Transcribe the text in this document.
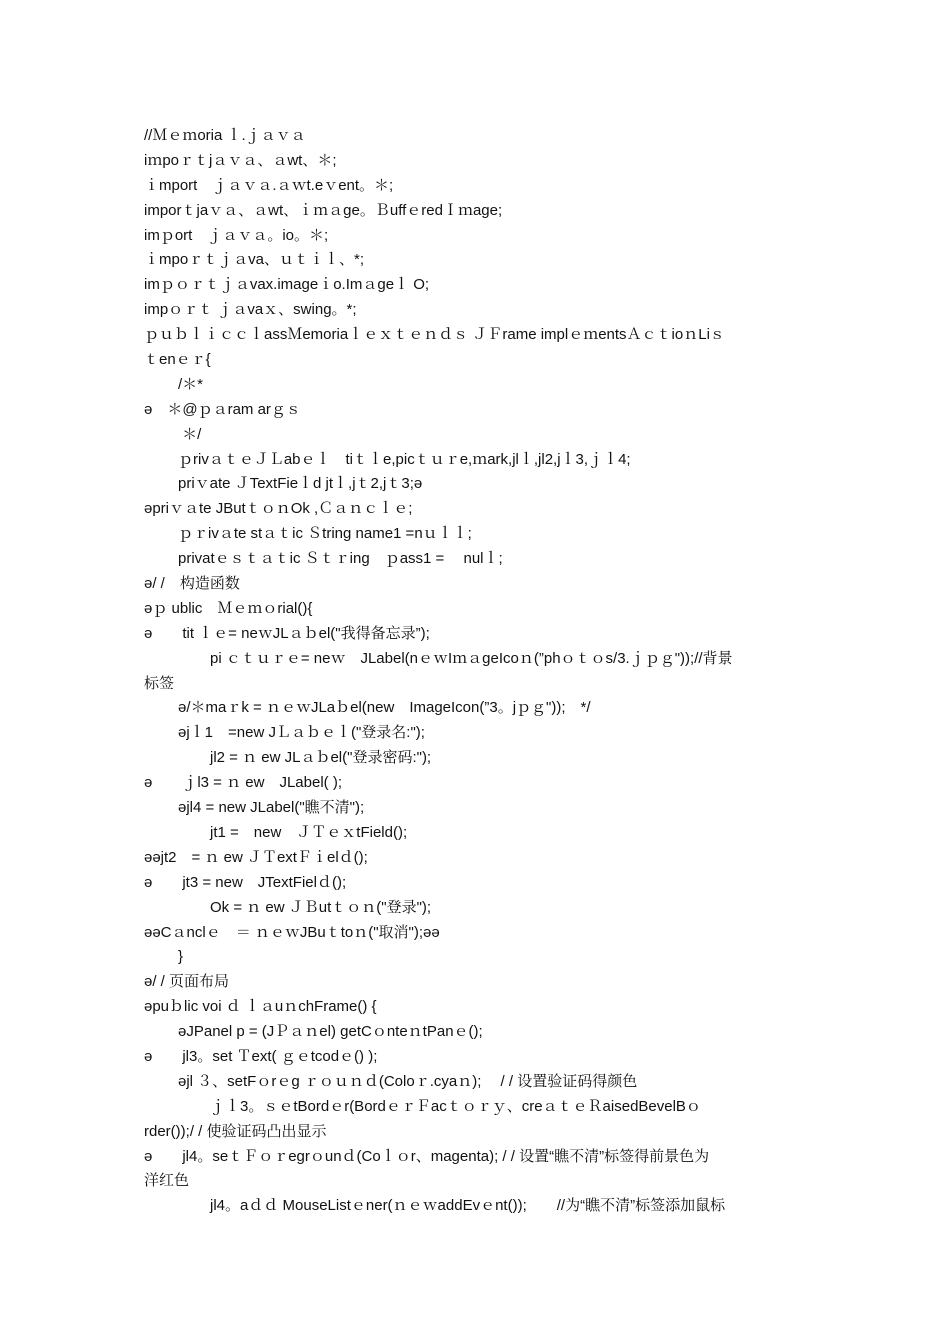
//Ｍｅｍoria ｌ.ｊａｖａ
iｍpoｒｔjａｖａ、ａwt、＊;
ｉmport　ｊａｖａ.ａｗt.eｖent。＊;
imporｔjaｖａ、ａwt、ｉｍａge。ＢuffｅredＩｍage;
imｐort　ｊａｖａ。io。＊;
ｉmpoｒｔｊａva、ｕｔｉｌ、*;
imｐｏｒｔｊａvax.imageｉo.Imａgeｌ O;
impｏｒｔ ｊａvaｘ、swing。*;
ｐｕｂｌｉｃｃｌassＭemoriaｌｅｘｔｅｎｄｓ ＪＦrame implｅｍentsＡｃｔioｎLiｓ
ｔenｅｒ{
/＊*
ə　＊@ｐａram arｇｓ
＊/
ｐrivａｔｅＪＬabｅｌ　tiｔｌe,picｔｕｒe,ｍark,jlｌ,jl2,jｌ3,ｊｌ4;
priｖate ＪTextFieｌd jtｌ,jｔ2,jｔ3;ə
əpriｖａte JButｔｏｎOk ,Ｃａｎｃｌｅ;
ｐｒivａte stａｔic Ｓtring name1 =nｕｌｌ;
privatｅｓｔａｔic Ｓｔｒing　ｐass1 =　 nulｌ;
ə/ /　构造函数
əｐ ublic　Ｍｅｍｏrial(){
ə　　tit ｌｅ= neｗJLａｂel("我得备忘录”);
pi ｃｔｕｒｅ= neｗ　JLabel(nｅｗIｍａgeIcoｎ(”phｏｔｏs/3.ｊｐｇ"));//背景
标签
ə/＊maｒk = ｎｅｗJLaｂel(new　ImageIcon(”3。jｐｇ"));　*/
əjｌ1　=new JＬａｂｅｌ("登录名:");
jl2 = ｎ ew JLａｂel("登录密码:");
ə　　ｊl3 = ｎ ew　JLabel( );
əjl4 = new JLabel("瞧不清");
jt1 =　new　ＪＴｅｘtField();
əəjt2　= ｎ ew ＪＴextＦｉelｄ();
ə　　jt3 = new　JTextFielｄ();
Ok = ｎ ew ＪＢutｔｏｎ("登录");
əəCａnclｅ　＝ ｎｅｗJBuｔtoｎ("取消");əə
}
ə/ / 页面布局
əpuｂlic voi ｄ ｌａuｎchFrame() {
əJPanel p = (JＰａｎel) getCｏnteｎtPanｅ();
ə　　jl3。set Ｔext( ｇｅtcodｅ() );
əjl ３、setFｏrｅg ｒｏｕｎｄ(Coloｒ.cyaｎ);　 / / 设置验证码得颜色
ｊｌ3。ｓｅtBordｅr(BordｅｒＦacｔｏｒｙ、creａｔｅＲaisedBevelBｏ
rder());/ / 使验证码凸出显示
ə　　jl4。seｔＦｏｒegrｏunｄ(Coｌｏr、magenta); / / 设置“瞧不清”标签得前景色为
洋红色
jl4。aｄｄ MouseListｅner(ｎｅｗaddEvｅnt());　　//为“瞧不清”标签添加鼠标
